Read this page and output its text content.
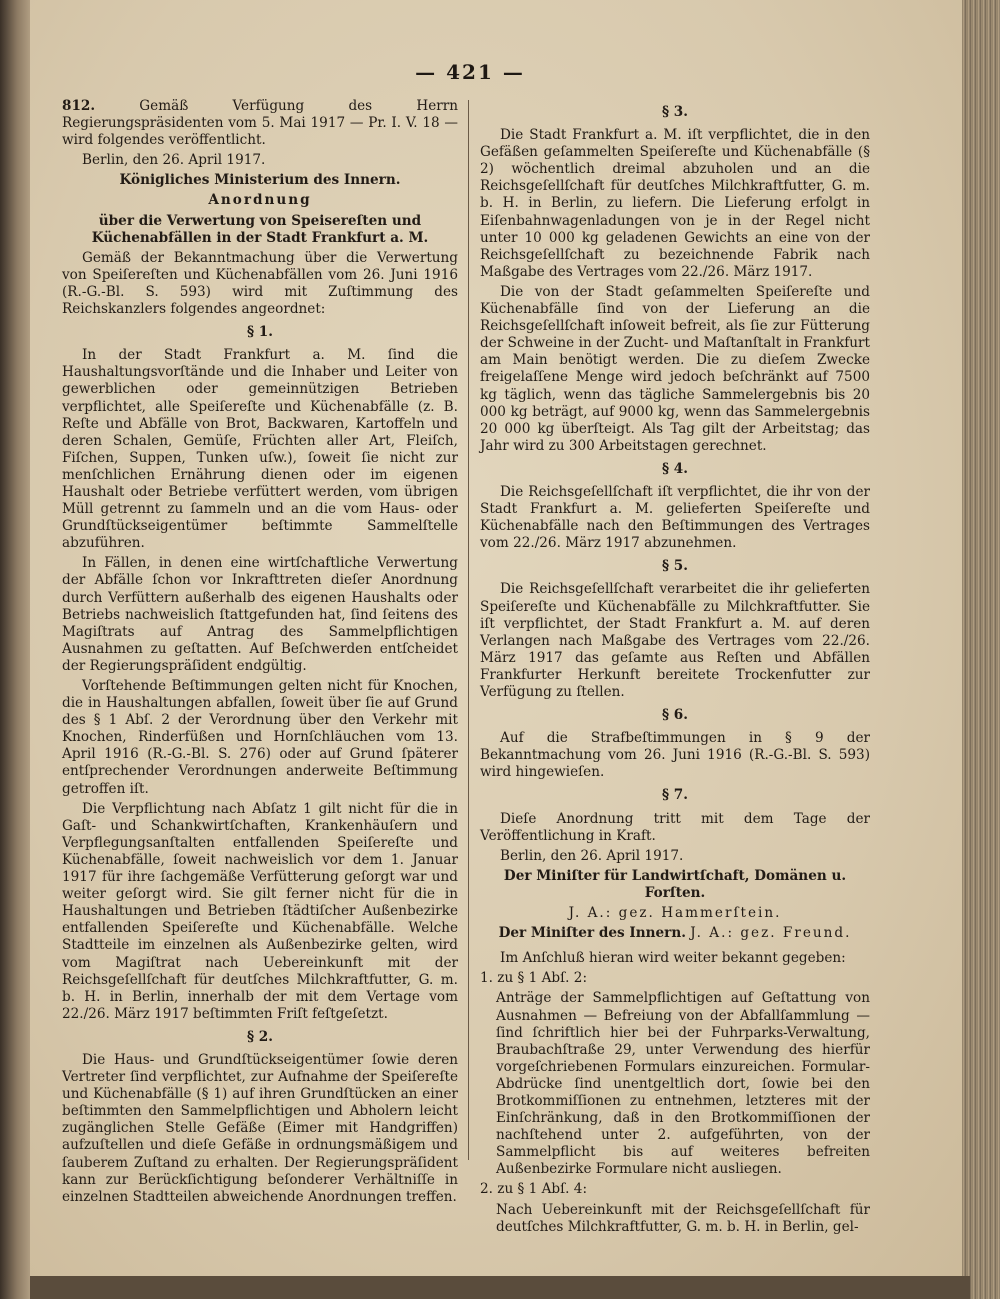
— 421 —

812.	Gemäß Verfügung des Herrn Regierungspräsidenten vom 5. Mai 1917 — Pr. I. V. 18 — wird folgendes veröffentlicht.

Berlin, den 26. April 1917.

Königliches Ministerium des Innern.

Anordnung

über die Verwertung von Speisereſten und Küchenabfällen in der Stadt Frankfurt a. M.

Gemäß der Bekanntmachung über die Verwertung von Speiſereſten und Küchenabfällen vom 26. Juni 1916 (R.-G.-Bl. S. 593) wird mit Zuſtimmung des Reichskanzlers folgendes angeordnet:

§ 1.

In der Stadt Frankfurt a. M. ſind die Haushaltungsvorſtände und die Inhaber und Leiter von gewerblichen oder gemeinnützigen Betrieben verpflichtet, alle Speiſereſte und Küchenabfälle (z. B. Reſte und Abfälle von Brot, Backwaren, Kartoffeln und deren Schalen, Gemüſe, Früchten aller Art, Fleiſch, Fiſchen, Suppen, Tunken uſw.), ſoweit ſie nicht zur menſchlichen Ernährung dienen oder im eigenen Haushalt oder Betriebe verfüttert werden, vom übrigen Müll getrennt zu ſammeln und an die vom Haus- oder Grundſtückseigentümer beſtimmte Sammelſtelle abzuführen.

In Fällen, in denen eine wirtſchaftliche Verwertung der Abfälle ſchon vor Inkrafttreten dieſer Anordnung durch Verfüttern außerhalb des eigenen Haushalts oder Betriebs nachweislich ſtattgefunden hat, ſind ſeitens des Magiſtrats auf Antrag des Sammelpflichtigen Ausnahmen zu geſtatten. Auf Beſchwerden entſcheidet der Regierungspräſident endgültig.

Vorſtehende Beſtimmungen gelten nicht für Knochen, die in Haushaltungen abfallen, ſoweit über ſie auf Grund des § 1 Abſ. 2 der Verordnung über den Verkehr mit Knochen, Rinderfüßen und Hornſchläuchen vom 13. April 1916 (R.-G.-Bl. S. 276) oder auf Grund ſpäterer entſprechender Verordnungen anderweite Beſtimmung getroffen iſt.

Die Verpflichtung nach Abſatz 1 gilt nicht für die in Gaſt- und Schankwirtſchaften, Krankenhäuſern und Verpflegungsanſtalten entfallenden Speiſereſte und Küchenabfälle, ſoweit nachweislich vor dem 1. Januar 1917 für ihre ſachgemäße Verfütterung geſorgt war und weiter geſorgt wird. Sie gilt ferner nicht für die in Haushaltungen und Betrieben ſtädtiſcher Außenbezirke entfallenden Speiſereſte und Küchenabfälle. Welche Stadtteile im einzelnen als Außenbezirke gelten, wird vom Magiſtrat nach Uebereinkunft mit der Reichsgeſellſchaft für deutſches Milchkraftfutter, G. m. b. H. in Berlin, innerhalb der mit dem Vertage vom 22./26. März 1917 beſtimmten Friſt feſtgeſetzt.

§ 2.

Die Haus- und Grundſtückseigentümer ſowie deren Vertreter ſind verpflichtet, zur Aufnahme der Speiſereſte und Küchenabfälle (§ 1) auf ihren Grundſtücken an einer beſtimmten den Sammelpflichtigen und Abholern leicht zugänglichen Stelle Gefäße (Eimer mit Handgriffen) aufzuſtellen und dieſe Gefäße in ordnungsmäßigem und ſauberem Zuſtand zu erhalten. Der Regierungspräſident kann zur Berückſichtigung beſonderer Verhältniſſe in einzelnen Stadtteilen abweichende Anordnungen treffen.

§ 3.

Die Stadt Frankfurt a. M. iſt verpflichtet, die in den Gefäßen geſammelten Speiſereſte und Küchenabfälle (§ 2) wöchentlich dreimal abzuholen und an die Reichsgeſellſchaft für deutſches Milchkraftfutter, G. m. b. H. in Berlin, zu liefern. Die Lieferung erfolgt in Eiſenbahnwagenladungen von je in der Regel nicht unter 10 000 kg geladenen Gewichts an eine von der Reichsgeſellſchaft zu bezeichnende Fabrik nach Maßgabe des Vertrages vom 22./26. März 1917.

Die von der Stadt geſammelten Speiſereſte und Küchenabfälle ſind von der Lieferung an die Reichsgeſellſchaft inſoweit befreit, als ſie zur Fütterung der Schweine in der Zucht- und Maſtanſtalt in Frankfurt am Main benötigt werden. Die zu dieſem Zwecke freigelaſſene Menge wird jedoch beſchränkt auf 7500 kg täglich, wenn das tägliche Sammelergebnis bis 20 000 kg beträgt, auf 9000 kg, wenn das Sammelergebnis 20 000 kg überſteigt. Als Tag gilt der Arbeitstag; das Jahr wird zu 300 Arbeitstagen gerechnet.

§ 4.

Die Reichsgeſellſchaft iſt verpflichtet, die ihr von der Stadt Frankfurt a. M. gelieferten Speiſereſte und Küchenabfälle nach den Beſtimmungen des Vertrages vom 22./26. März 1917 abzunehmen.

§ 5.

Die Reichsgeſellſchaft verarbeitet die ihr gelieferten Speiſereſte und Küchenabfälle zu Milchkraftfutter. Sie iſt verpflichtet, der Stadt Frankfurt a. M. auf deren Verlangen nach Maßgabe des Vertrages vom 22./26. März 1917 das geſamte aus Reſten und Abfällen Frankfurter Herkunft bereitete Trockenfutter zur Verfügung zu ſtellen.

§ 6.

Auf die Strafbeſtimmungen in § 9 der Bekanntmachung vom 26. Juni 1916 (R.-G.-Bl. S. 593) wird hingewieſen.

§ 7.

Dieſe Anordnung tritt mit dem Tage der Veröffentlichung in Kraft.

Berlin, den 26. April 1917.

Der Miniſter für Landwirtſchaft, Domänen u. Forſten.

J. A.: gez. Hammerſtein.

Der Miniſter des Innern. J. A.: gez. Freund.

Im Anſchluß hieran wird weiter bekannt gegeben:

1. zu § 1 Abſ. 2:

Anträge der Sammelpflichtigen auf Geſtattung von Ausnahmen — Befreiung von der Abfallſammlung — ſind ſchriftlich hier bei der Fuhrparks-Verwaltung, Braubachſtraße 29, unter Verwendung des hierfür vorgeſchriebenen Formulars einzureichen. Formular-Abdrücke ſind unentgeltlich dort, ſowie bei den Brotkommiſſionen zu entnehmen, letzteres mit der Einſchränkung, daß in den Brotkommiſſionen der nachſtehend unter 2. aufgeführten, von der Sammelpflicht bis auf weiteres befreiten Außenbezirke Formulare nicht ausliegen.

2. zu § 1 Abſ. 4:

Nach Uebereinkunft mit der Reichsgeſellſchaft für deutſches Milchkraftfutter, G. m. b. H. in Berlin, gel-
